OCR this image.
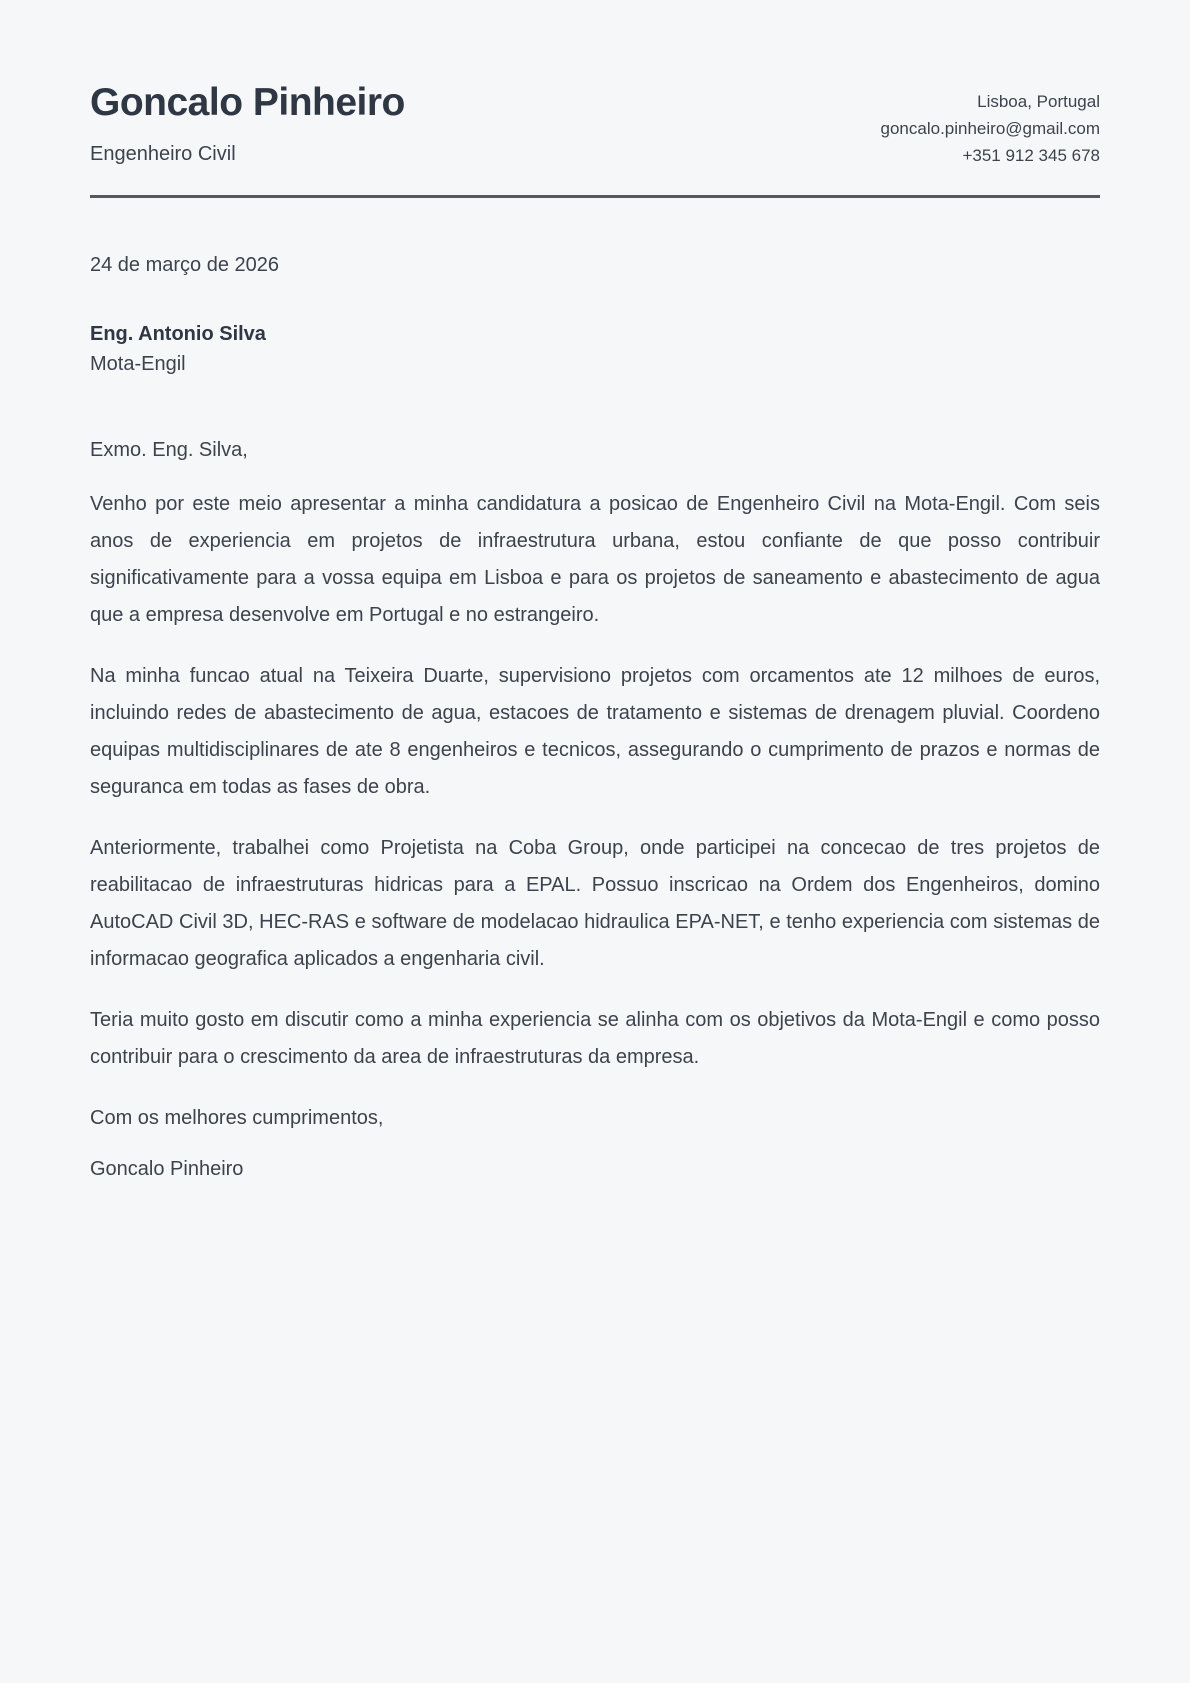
Goncalo Pinheiro
Engenheiro Civil
Lisboa, Portugal
goncalo.pinheiro@gmail.com
+351 912 345 678
24 de março de 2026
Eng. Antonio Silva
Mota-Engil

Exmo. Eng. Silva,

Venho por este meio apresentar a minha candidatura a posicao de Engenheiro Civil na Mota-Engil. Com seis anos de experiencia em projetos de infraestrutura urbana, estou confiante de que posso contribuir significativamente para a vossa equipa em Lisboa e para os projetos de saneamento e abastecimento de agua que a empresa desenvolve em Portugal e no estrangeiro.

Na minha funcao atual na Teixeira Duarte, supervisiono projetos com orcamentos ate 12 milhoes de euros, incluindo redes de abastecimento de agua, estacoes de tratamento e sistemas de drenagem pluvial. Coordeno equipas multidisciplinares de ate 8 engenheiros e tecnicos, assegurando o cumprimento de prazos e normas de seguranca em todas as fases de obra.

Anteriormente, trabalhei como Projetista na Coba Group, onde participei na concecao de tres projetos de reabilitacao de infraestruturas hidricas para a EPAL. Possuo inscricao na Ordem dos Engenheiros, domino AutoCAD Civil 3D, HEC-RAS e software de modelacao hidraulica EPA-NET, e tenho experiencia com sistemas de informacao geografica aplicados a engenharia civil.

Teria muito gosto em discutir como a minha experiencia se alinha com os objetivos da Mota-Engil e como posso contribuir para o crescimento da area de infraestruturas da empresa.

Com os melhores cumprimentos,

Goncalo Pinheiro
